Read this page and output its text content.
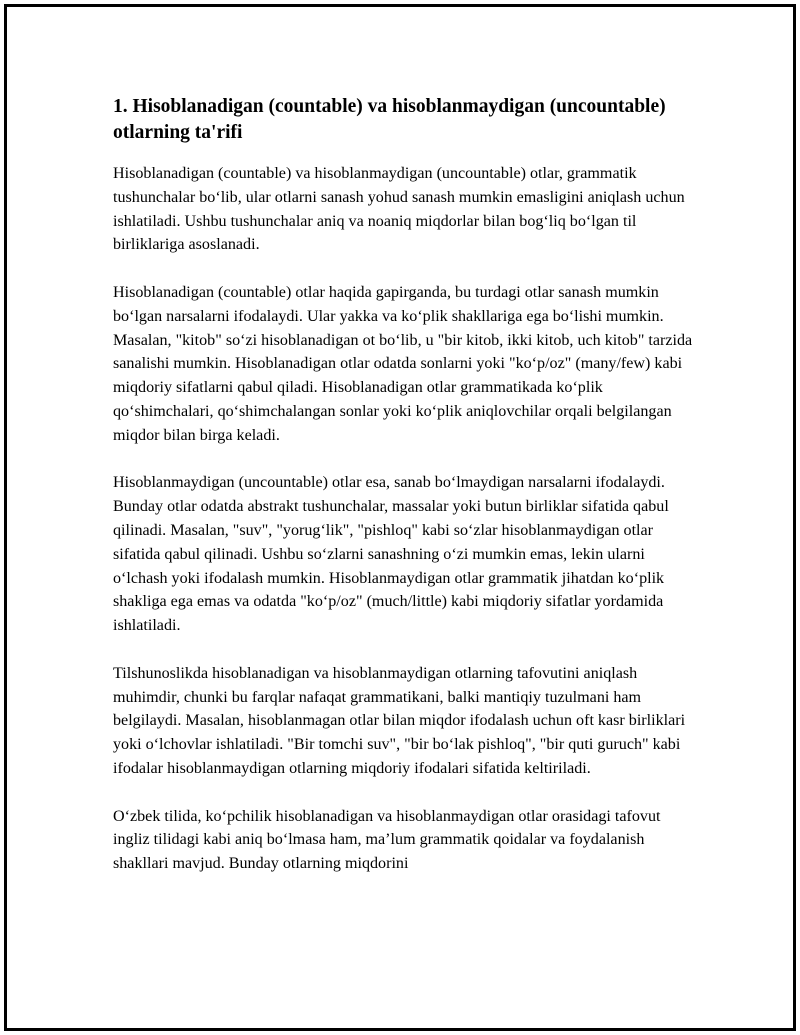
1. Hisoblanadigan (countable) va hisoblanmaydigan (uncountable) otlarning ta'rifi

Hisoblanadigan (countable) va hisoblanmaydigan (uncountable) otlar, grammatik tushunchalar bo‘lib, ular otlarni sanash yohud sanash mumkin emasligini aniqlash uchun ishlatiladi. Ushbu tushunchalar aniq va noaniq miqdorlar bilan bog‘liq bo‘lgan til birliklariga asoslanadi.

Hisoblanadigan (countable) otlar haqida gapirganda, bu turdagi otlar sanash mumkin bo‘lgan narsalarni ifodalaydi. Ular yakka va ko‘plik shakllariga ega bo‘lishi mumkin. Masalan, "kitob" so‘zi hisoblanadigan ot bo‘lib, u "bir kitob, ikki kitob, uch kitob" tarzida sanalishi mumkin. Hisoblanadigan otlar odatda sonlarni yoki "ko‘p/oz" (many/few) kabi miqdoriy sifatlarni qabul qiladi. Hisoblanadigan otlar grammatikada ko‘plik qo‘shimchalari, qo‘shimchalangan sonlar yoki ko‘plik aniqlovchilar orqali belgilangan miqdor bilan birga keladi.

Hisoblanmaydigan (uncountable) otlar esa, sanab bo‘lmaydigan narsalarni ifodalaydi. Bunday otlar odatda abstrakt tushunchalar, massalar yoki butun birliklar sifatida qabul qilinadi. Masalan, "suv", "yorug‘lik", "pishloq" kabi so‘zlar hisoblanmaydigan otlar sifatida qabul qilinadi. Ushbu so‘zlarni sanashning o‘zi mumkin emas, lekin ularni o‘lchash yoki ifodalash mumkin. Hisoblanmaydigan otlar grammatik jihatdan ko‘plik shakliga ega emas va odatda "ko‘p/oz" (much/little) kabi miqdoriy sifatlar yordamida ishlatiladi.

Tilshunoslikda hisoblanadigan va hisoblanmaydigan otlarning tafovutini aniqlash muhimdir, chunki bu farqlar nafaqat grammatikani, balki mantiqiy tuzulmani ham belgilaydi. Masalan, hisoblanmagan otlar bilan miqdor ifodalash uchun oft kasr birliklari yoki o‘lchovlar ishlatiladi. "Bir tomchi suv", "bir bo‘lak pishloq", "bir quti guruch" kabi ifodalar hisoblanmaydigan otlarning miqdoriy ifodalari sifatida keltiriladi.

O‘zbek tilida, ko‘pchilik hisoblanadigan va hisoblanmaydigan otlar orasidagi tafovut ingliz tilidagi kabi aniq bo‘lmasa ham, ma’lum grammatik qoidalar va foydalanish shakllari mavjud. Bunday otlarning miqdorini
